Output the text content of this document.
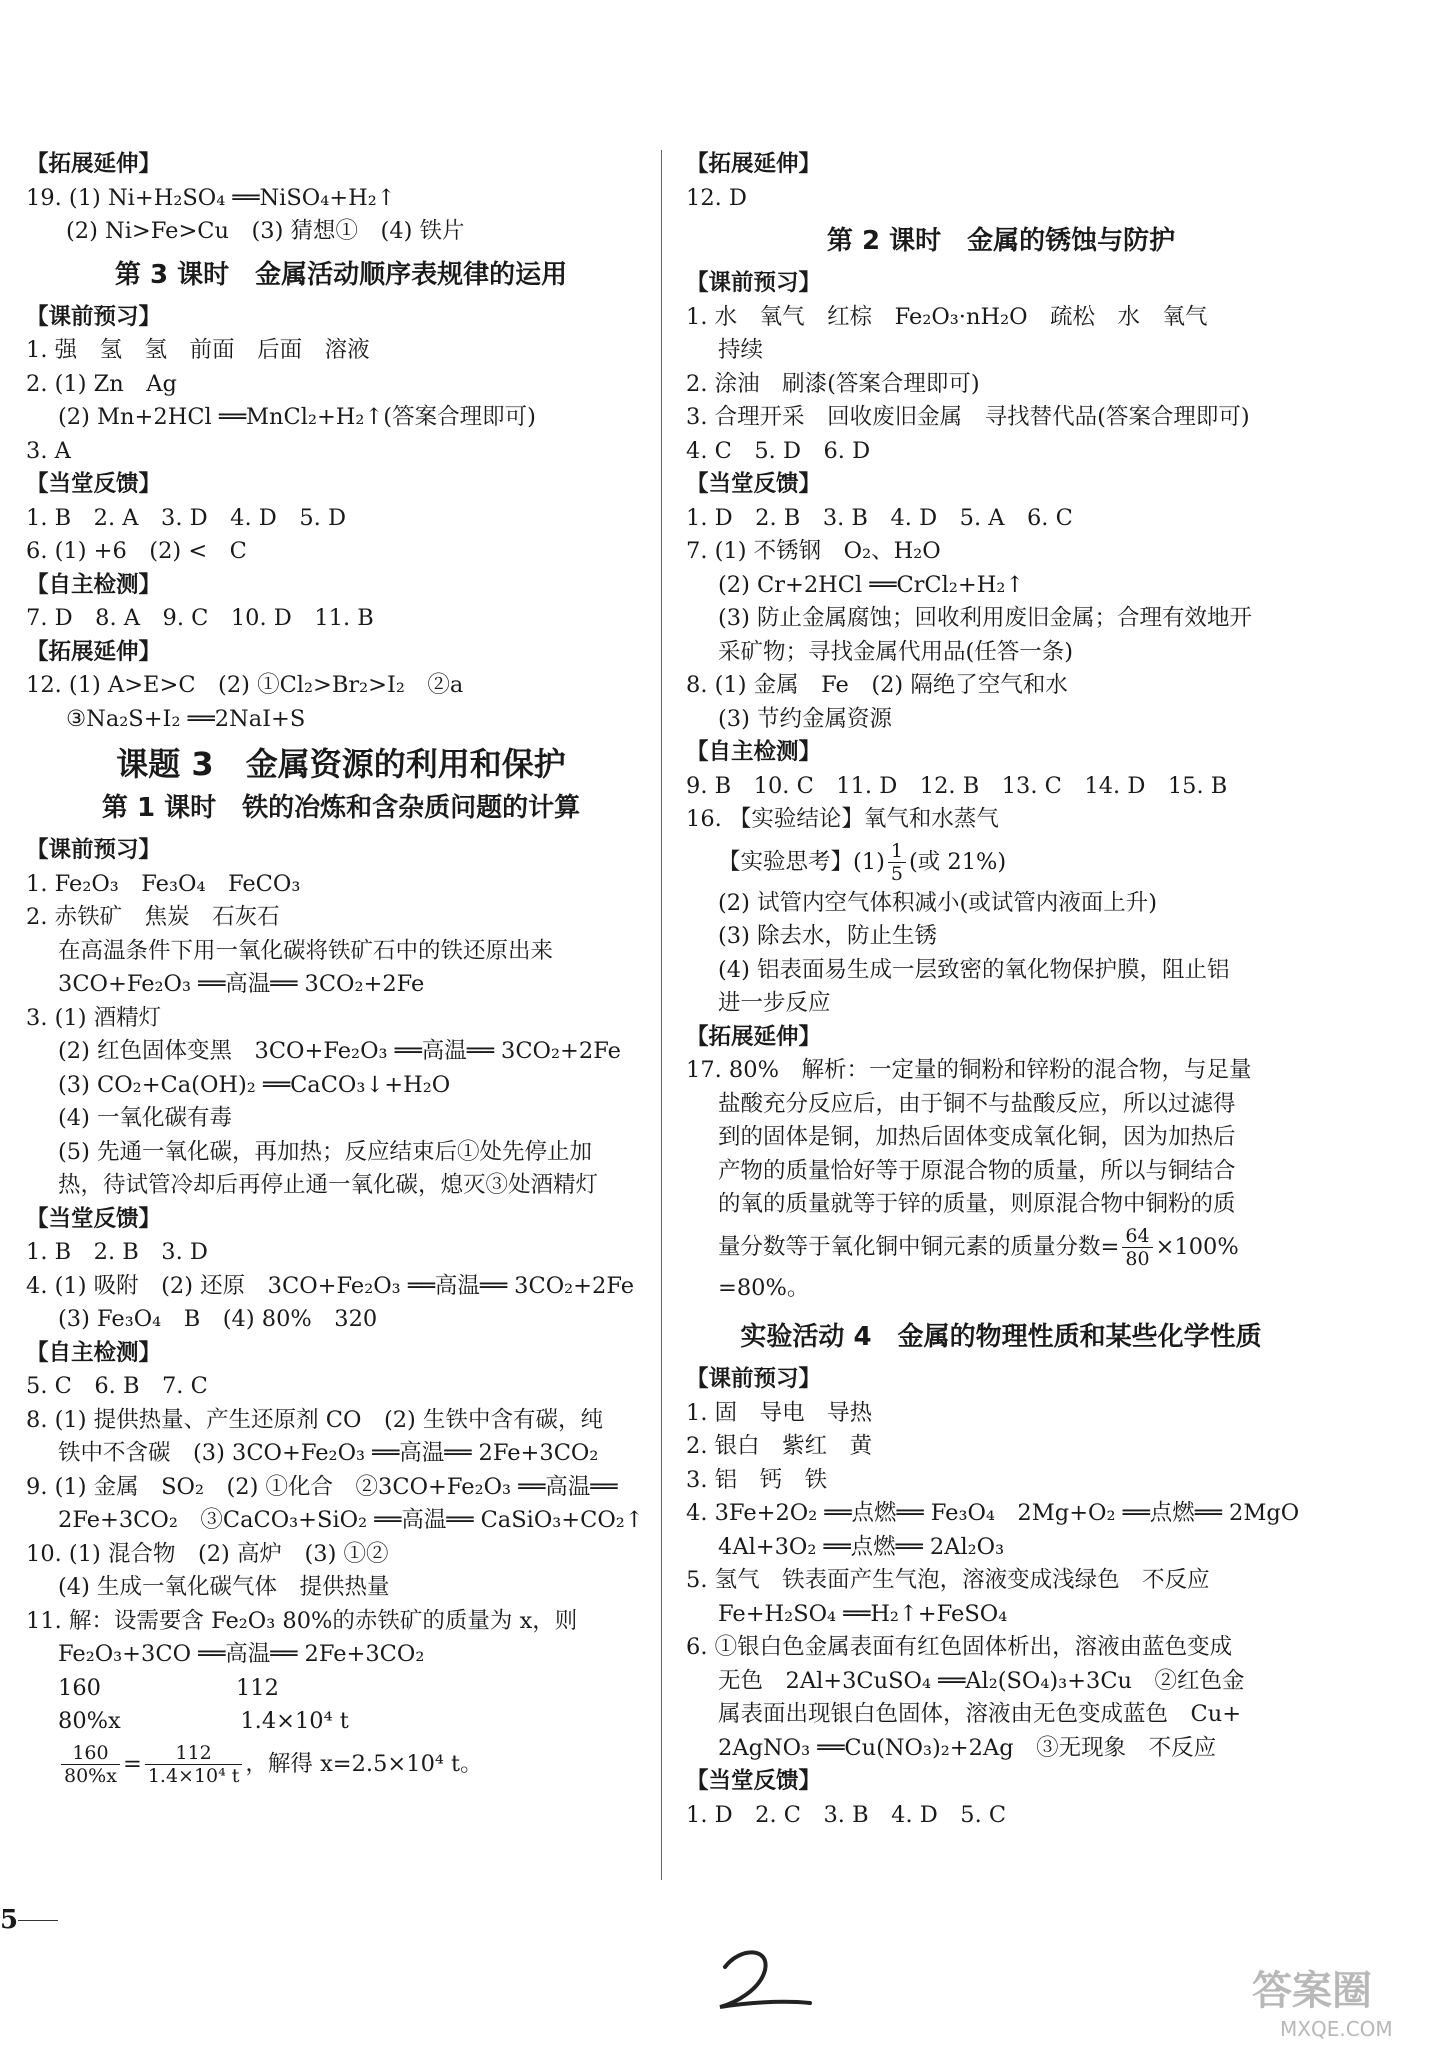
【拓展延伸】
19. (1) Ni+H₂SO₄ ══NiSO₄+H₂↑
(2) Ni>Fe>Cu　(3) 猜想①　(4) 铁片
第 3 课时　金属活动顺序表规律的运用
【课前预习】
1. 强　氢　氢　前面　后面　溶液
2. (1) Zn　Ag
(2) Mn+2HCl ══MnCl₂+H₂↑(答案合理即可)
3. A
【当堂反馈】
1. B　2. A　3. D　4. D　5. D
6. (1) +6　(2) <　C
【自主检测】
7. D　8. A　9. C　10. D　11. B
【拓展延伸】
12. (1) A>E>C　(2) ①Cl₂>Br₂>I₂　②a
③Na₂S+I₂ ══2NaI+S
课题 3　金属资源的利用和保护
第 1 课时　铁的冶炼和含杂质问题的计算
【课前预习】
1. Fe₂O₃　Fe₃O₄　FeCO₃
2. 赤铁矿　焦炭　石灰石
在高温条件下用一氧化碳将铁矿石中的铁还原出来
3CO+Fe₂O₃ ══高温══ 3CO₂+2Fe
3. (1) 酒精灯
(2) 红色固体变黑　3CO+Fe₂O₃ ══高温══ 3CO₂+2Fe
(3) CO₂+Ca(OH)₂ ══CaCO₃↓+H₂O
(4) 一氧化碳有毒
(5) 先通一氧化碳，再加热；反应结束后①处先停止加
热，待试管冷却后再停止通一氧化碳，熄灭③处酒精灯
【当堂反馈】
1. B　2. B　3. D
4. (1) 吸附　(2) 还原　3CO+Fe₂O₃ ══高温══ 3CO₂+2Fe
(3) Fe₃O₄　B　(4) 80%　320
【自主检测】
5. C　6. B　7. C
8. (1) 提供热量、产生还原剂 CO　(2) 生铁中含有碳，纯
铁中不含碳　(3) 3CO+Fe₂O₃ ══高温══ 2Fe+3CO₂
9. (1) 金属　SO₂　(2) ①化合　②3CO+Fe₂O₃ ══高温══
2Fe+3CO₂　③CaCO₃+SiO₂ ══高温══ CaSiO₃+CO₂↑
10. (1) 混合物　(2) 高炉　(3) ①②
(4) 生成一氧化碳气体　提供热量
11. 解：设需要含 Fe₂O₃ 80%的赤铁矿的质量为 x，则
Fe₂O₃+3CO ══高温══ 2Fe+3CO₂
160　　　　　　112
80%x　　　　　 1.4×10⁴ t
$\frac{160}{80\%x} = \frac{112}{\text{1.4×10⁴ t}}$ ，解得 x=2.5×10⁴ t。
【拓展延伸】
12. D
第 2 课时　金属的锈蚀与防护
【课前预习】
1. 水　氧气　红棕　Fe₂O₃·nH₂O　疏松　水　氧气
持续
2. 涂油　刷漆(答案合理即可)
3. 合理开采　回收废旧金属　寻找替代品(答案合理即可)
4. C　5. D　6. D
【当堂反馈】
1. D　2. B　3. B　4. D　5. A　6. C
7. (1) 不锈钢　O₂、H₂O
(2) Cr+2HCl ══CrCl₂+H₂↑
(3) 防止金属腐蚀；回收利用废旧金属；合理有效地开
采矿物；寻找金属代用品(任答一条)
8. (1) 金属　Fe　(2) 隔绝了空气和水
(3) 节约金属资源
【自主检测】
9. B　10. C　11. D　12. B　13. C　14. D　15. B
16. 【实验结论】氧气和水蒸气
【实验思考】$(1) \frac{1}{5}$ (或 21%)
(2) 试管内空气体积减小(或试管内液面上升)
(3) 除去水，防止生锈
(4) 铝表面易生成一层致密的氧化物保护膜，阻止铝
进一步反应
【拓展延伸】
17. 80%　解析：一定量的铜粉和锌粉的混合物，与足量
盐酸充分反应后，由于铜不与盐酸反应，所以过滤得
到的固体是铜，加热后固体变成氧化铜，因为加热后
产物的质量恰好等于原混合物的质量，所以与铜结合
的氧的质量就等于锌的质量，则原混合物中铜粉的质
量分数等于氧化铜中铜元素的质量分数= $\frac{64}{80} \times 100\%$
=80%。
实验活动 4　金属的物理性质和某些化学性质
【课前预习】
1. 固　导电　导热
2. 银白　紫红　黄
3. 铝　钙　铁
4. 3Fe+2O₂ ══点燃══ Fe₃O₄　2Mg+O₂ ══点燃══ 2MgO
4Al+3O₂ ══点燃══ 2Al₂O₃
5. 氢气　铁表面产生气泡，溶液变成浅绿色　不反应
Fe+H₂SO₄ ══H₂↑+FeSO₄
6. ①银白色金属表面有红色固体析出，溶液由蓝色变成
无色　2Al+3CuSO₄ ══Al₂(SO₄)₃+3Cu　②红色金
属表面出现银白色固体，溶液由无色变成蓝色　Cu+
2AgNO₃ ══Cu(NO₃)₂+2Ag　③无现象　不反应
【当堂反馈】
1. D　2. C　3. B　4. D　5. C
5
答案圈
MXQE.COM
